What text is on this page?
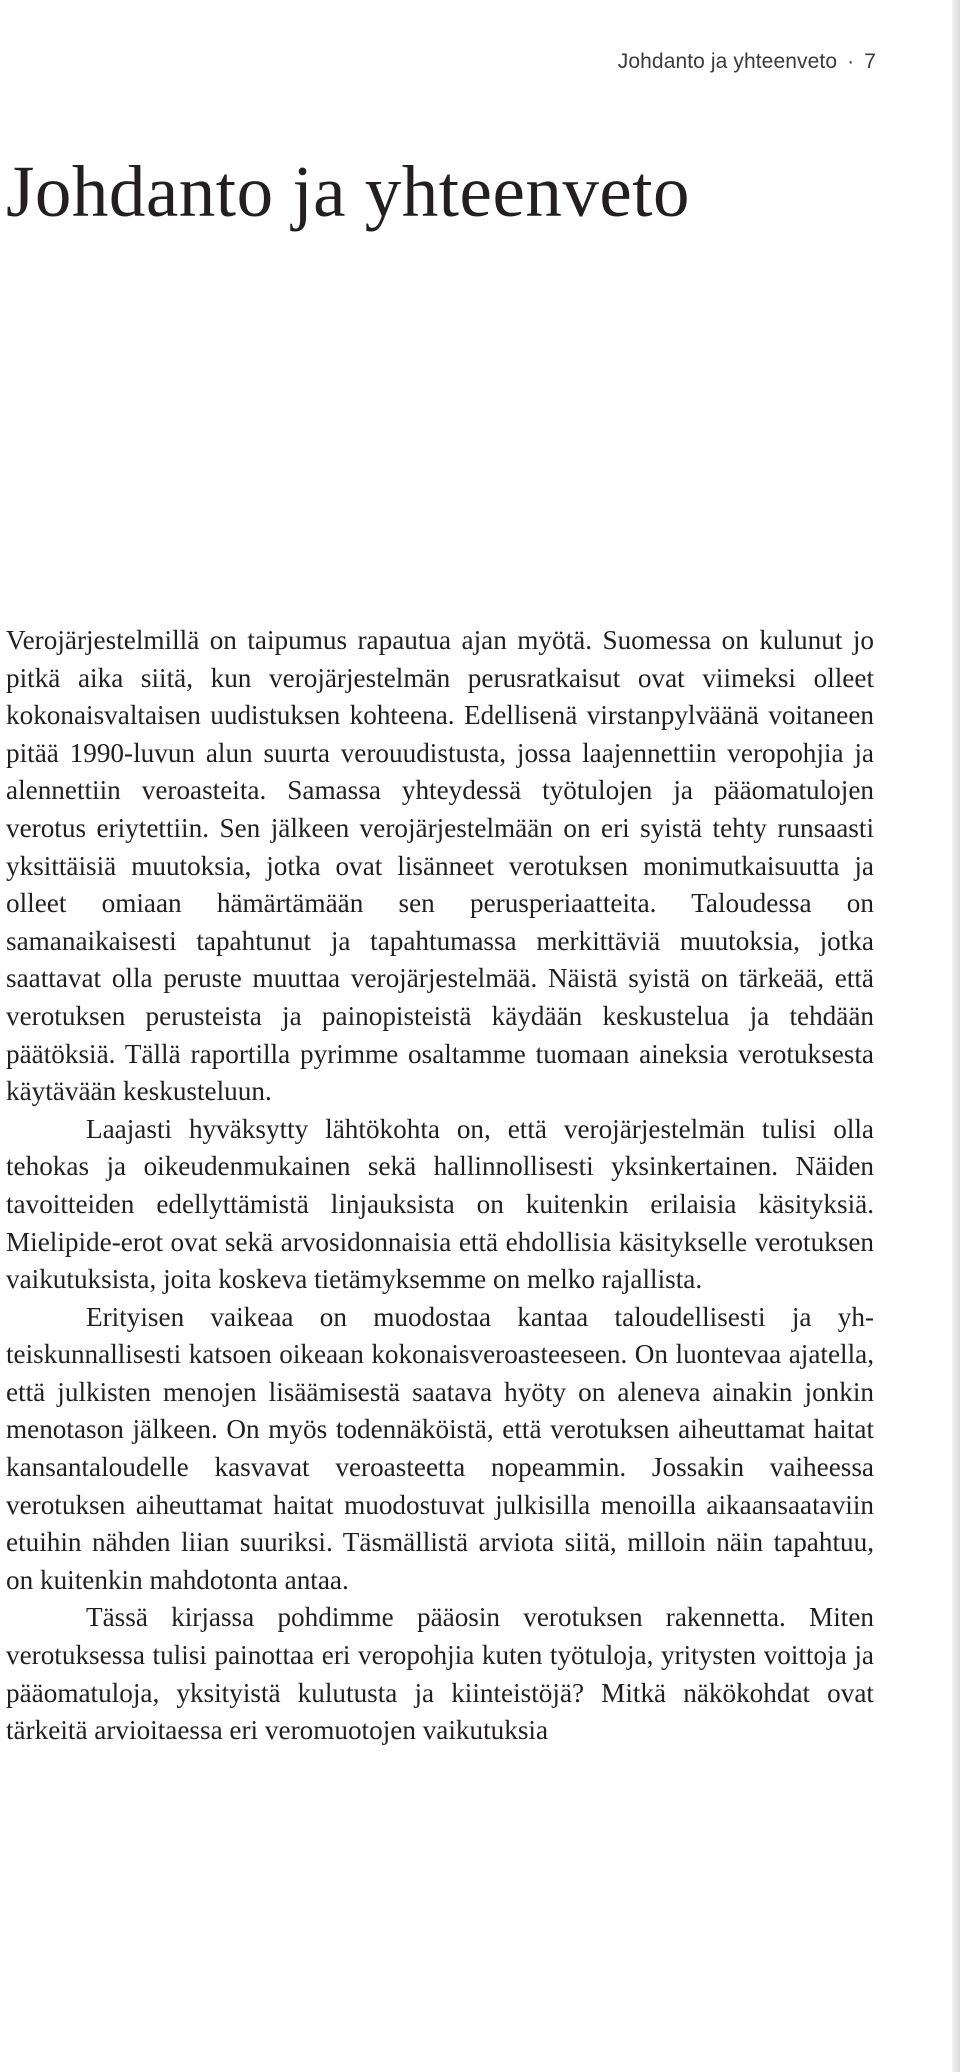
Johdanto ja yhteenveto · 7
Johdanto ja yhteenveto

Verojärjestelmillä on taipumus rapautua ajan myötä. Suomessa on kulunut jo pitkä aika siitä, kun verojärjestelmän perusratkaisut ovat viimeksi olleet kokonaisvaltaisen uudistuksen kohteena. Edellisenä virstanpylväänä voitaneen pitää 1990-luvun alun suurta verouudistusta, jossa laajennettiin veropohjia ja alennettiin veroasteita. Samassa yhteydessä työtulojen ja pääomatulojen verotus eriytettiin. Sen jälkeen verojärjestelmään on eri syistä tehty runsaasti yksittäisiä muutoksia, jotka ovat lisänneet verotuksen monimutkaisuutta ja olleet omiaan hämärtämään sen perusperiaatteita. Taloudessa on samanaikaisesti tapahtunut ja tapahtumassa merkittäviä muutoksia, jotka saattavat olla peruste muuttaa verojärjestelmää. Näistä syistä on tärkeää, että verotuksen perusteista ja painopisteistä käydään keskustelua ja tehdään päätöksiä. Tällä raportilla pyrimme osaltamme tuomaan aineksia verotuksesta käytävään keskusteluun.

Laajasti hyväksytty lähtökohta on, että verojärjestelmän tulisi olla tehokas ja oikeudenmukainen sekä hallinnollisesti yksinkertainen. Näiden tavoitteiden edellyttämistä linjauksista on kuitenkin erilaisia käsityksiä. Mielipide-erot ovat sekä arvosidonnaisia että ehdollisia käsitykselle verotuksen vaikutuksista, joita koskeva tietämyksemme on melko rajallista.

Erityisen vaikeaa on muodostaa kantaa taloudellisesti ja yhteiskunnallisesti katsoen oikeaan kokonaisveroasteeseen. On luontevaa ajatella, että julkisten menojen lisäämisestä saatava hyöty on aleneva ainakin jonkin menotason jälkeen. On myös todennäköistä, että verotuksen aiheuttamat haitat kansantaloudelle kasvavat veroasteetta nopeammin. Jossakin vaiheessa verotuksen aiheuttamat haitat muodostuvat julkisilla menoilla aikaansaataviin etuihin nähden liian suuriksi. Täsmällistä arviota siitä, milloin näin tapahtuu, on kuitenkin mahdotonta antaa.

Tässä kirjassa pohdimme pääosin verotuksen rakennetta. Miten verotuksessa tulisi painottaa eri veropohjia kuten työtuloja, yritysten voittoja ja pääomatuloja, yksityistä kulutusta ja kiinteistöjä? Mitkä näkökohdat ovat tärkeitä arvioitaessa eri veromuotojen vaikutuksia
